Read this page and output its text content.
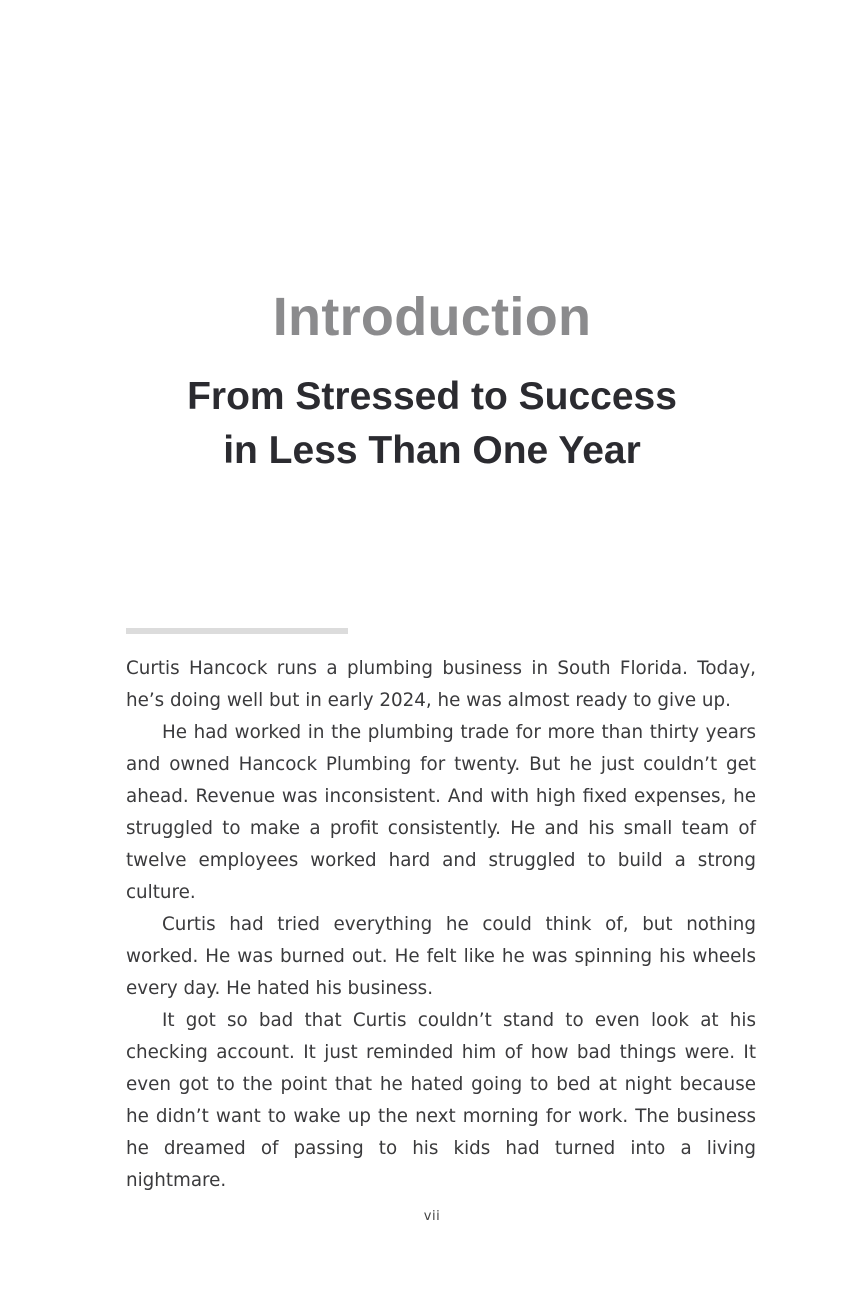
Introduction
From Stressed to Success
in Less Than One Year

Curtis Hancock runs a plumbing business in South Florida. Today, he’s doing well but in early 2024, he was almost ready to give up.

He had worked in the plumbing trade for more than thirty years and owned Hancock Plumbing for twenty. But he just couldn’t get ahead. Revenue was inconsistent. And with high fixed expenses, he struggled to make a profit consistently. He and his small team of twelve employees worked hard and struggled to build a strong culture.

Curtis had tried everything he could think of, but nothing worked. He was burned out. He felt like he was spinning his wheels every day. He hated his business.

It got so bad that Curtis couldn’t stand to even look at his checking account. It just reminded him of how bad things were. It even got to the point that he hated going to bed at night because he didn’t want to wake up the next morning for work. The business he dreamed of passing to his kids had turned into a living nightmare.

vii
